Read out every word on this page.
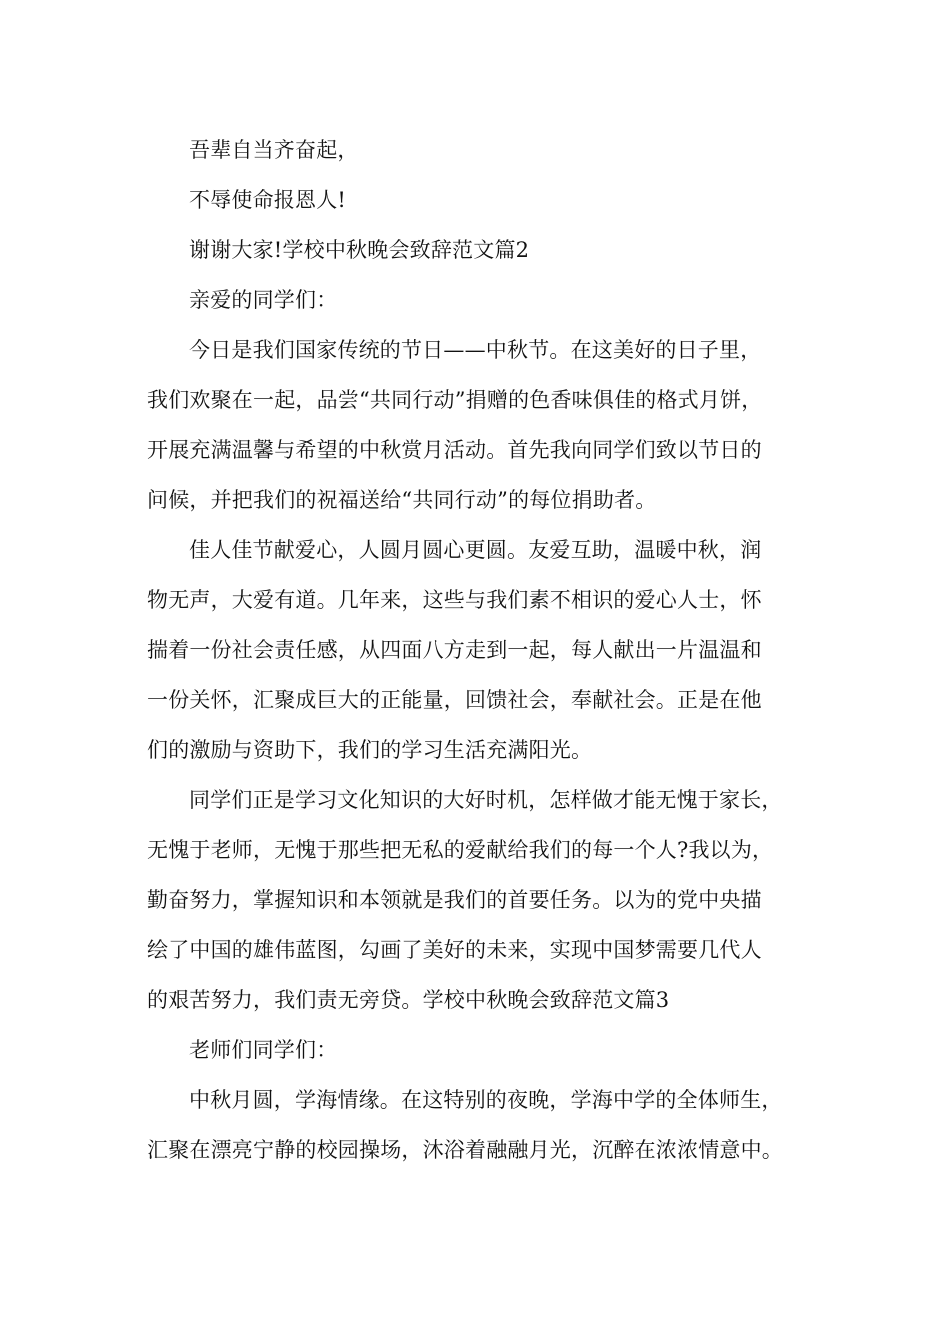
吾辈自当齐奋起，
不辱使命报恩人!
谢谢大家!学校中秋晚会致辞范文篇2
亲爱的同学们：
今日是我们国家传统的节日——中秋节。在这美好的日子里，
我们欢聚在一起，品尝“共同行动”捐赠的色香味俱佳的格式月饼，
开展充满温馨与希望的中秋赏月活动。首先我向同学们致以节日的
问候，并把我们的祝福送给“共同行动”的每位捐助者。
佳人佳节献爱心，人圆月圆心更圆。友爱互助，温暖中秋，润
物无声，大爱有道。几年来，这些与我们素不相识的爱心人士，怀
揣着一份社会责任感，从四面八方走到一起，每人献出一片温温和
一份关怀，汇聚成巨大的正能量，回馈社会，奉献社会。正是在他
们的激励与资助下，我们的学习生活充满阳光。
同学们正是学习文化知识的大好时机，怎样做才能无愧于家长，
无愧于老师，无愧于那些把无私的爱献给我们的每一个人?我以为，
勤奋努力，掌握知识和本领就是我们的首要任务。以为的党中央描
绘了中国的雄伟蓝图，勾画了美好的未来，实现中国梦需要几代人
的艰苦努力，我们责无旁贷。学校中秋晚会致辞范文篇3
老师们同学们：
中秋月圆，学海情缘。在这特别的夜晚，学海中学的全体师生，
汇聚在漂亮宁静的校园操场，沐浴着融融月光，沉醉在浓浓情意中。
